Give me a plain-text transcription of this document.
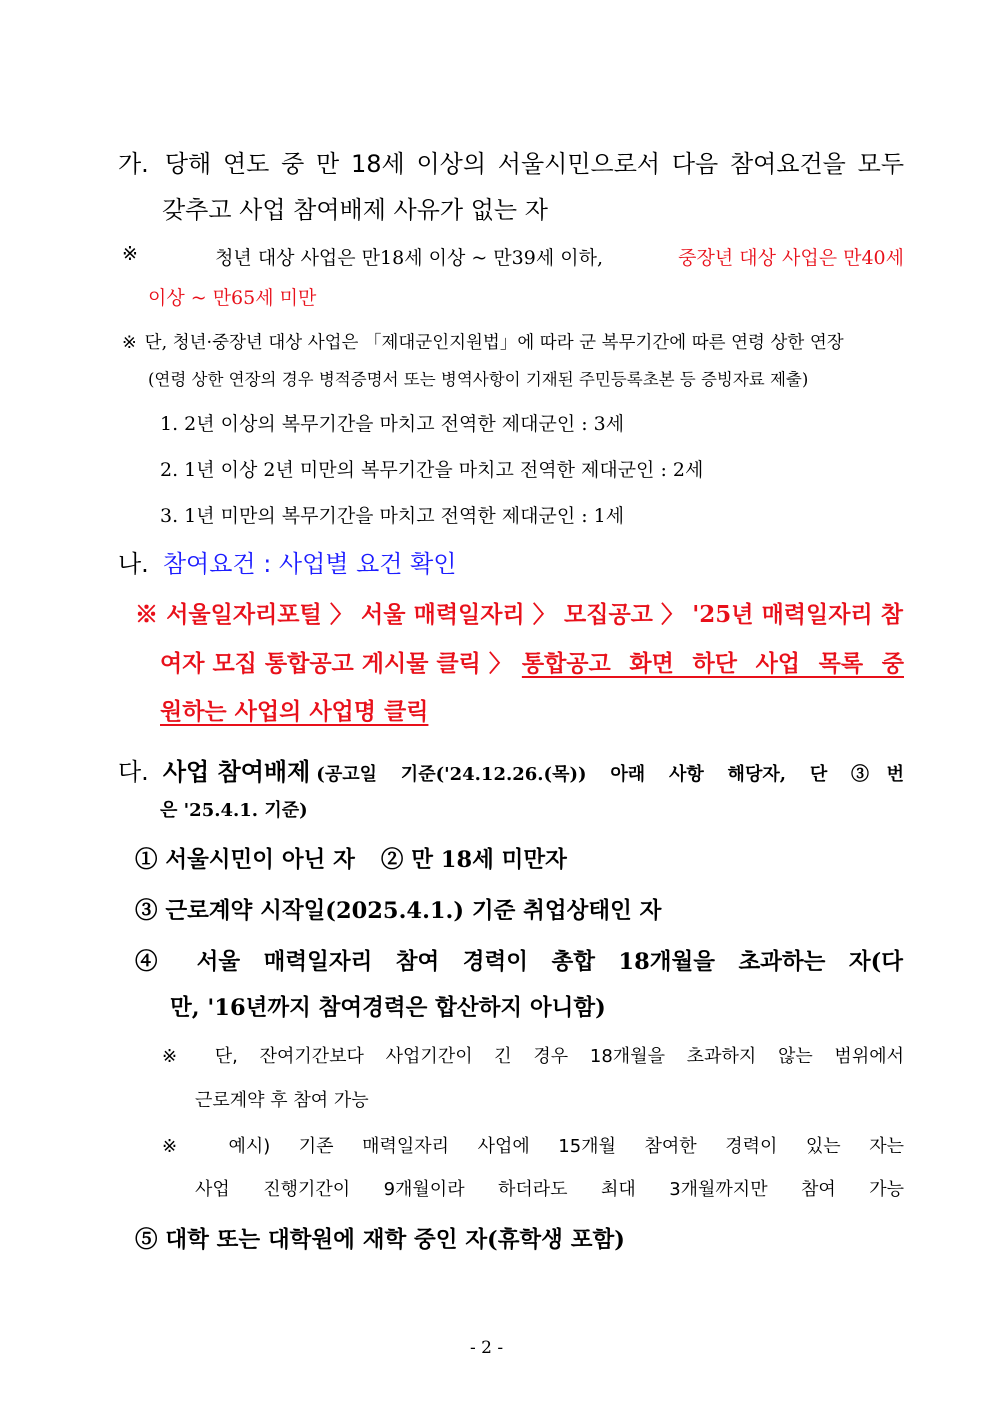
가. 당해 연도 중 만 18세 이상의 서울시민으로서 다음 참여요건을 모두
갖추고 사업 참여배제 사유가 없는 자
※	청년 대상 사업은 만18세 이상 ~ 만39세 이하,	중장년 대상 사업은 만40세
이상 ~ 만65세 미만
※ 단, 청년·중장년 대상 사업은 「제대군인지원법」에 따라 군 복무기간에 따른 연령 상한 연장
(연령 상한 연장의 경우 병적증명서 또는 병역사항이 기재된 주민등록초본 등 증빙자료 제출)
1. 2년 이상의 복무기간을 마치고 전역한 제대군인 : 3세
2. 1년 이상 2년 미만의 복무기간을 마치고 전역한 제대군인 : 2세
3. 1년 미만의 복무기간을 마치고 전역한 제대군인 : 1세
나. 참여요건 : 사업별 요건 확인
※ 서울일자리포털 〉 서울 매력일자리 〉 모집공고 〉 '25년 매력일자리 참
여자 모집 통합공고 게시물 클릭 〉 통합공고 화면 하단 사업 목록 중
원하는 사업의 사업명 클릭
다. 사업 참여배제 (공고일 기준('24.12.26.(목)) 아래 사항 해당자, 단 ③번
은 '25.4.1. 기준)
① 서울시민이 아닌 자 ② 만 18세 미만자
③ 근로계약 시작일(2025.4.1.) 기준 취업상태인 자
④ 서울 매력일자리 참여 경력이 총합 18개월을 초과하는 자(다
만, '16년까지 참여경력은 합산하지 아니함)
※ 단, 잔여기간보다 사업기간이 긴 경우 18개월을 초과하지 않는 범위에서
근로계약 후 참여 가능
※ 예시) 기존 매력일자리 사업에 15개월 참여한 경력이 있는 자는
사업 진행기간이 9개월이라 하더라도 최대 3개월까지만 참여 가능
⑤ 대학 또는 대학원에 재학 중인 자(휴학생 포함)
- 2 -
